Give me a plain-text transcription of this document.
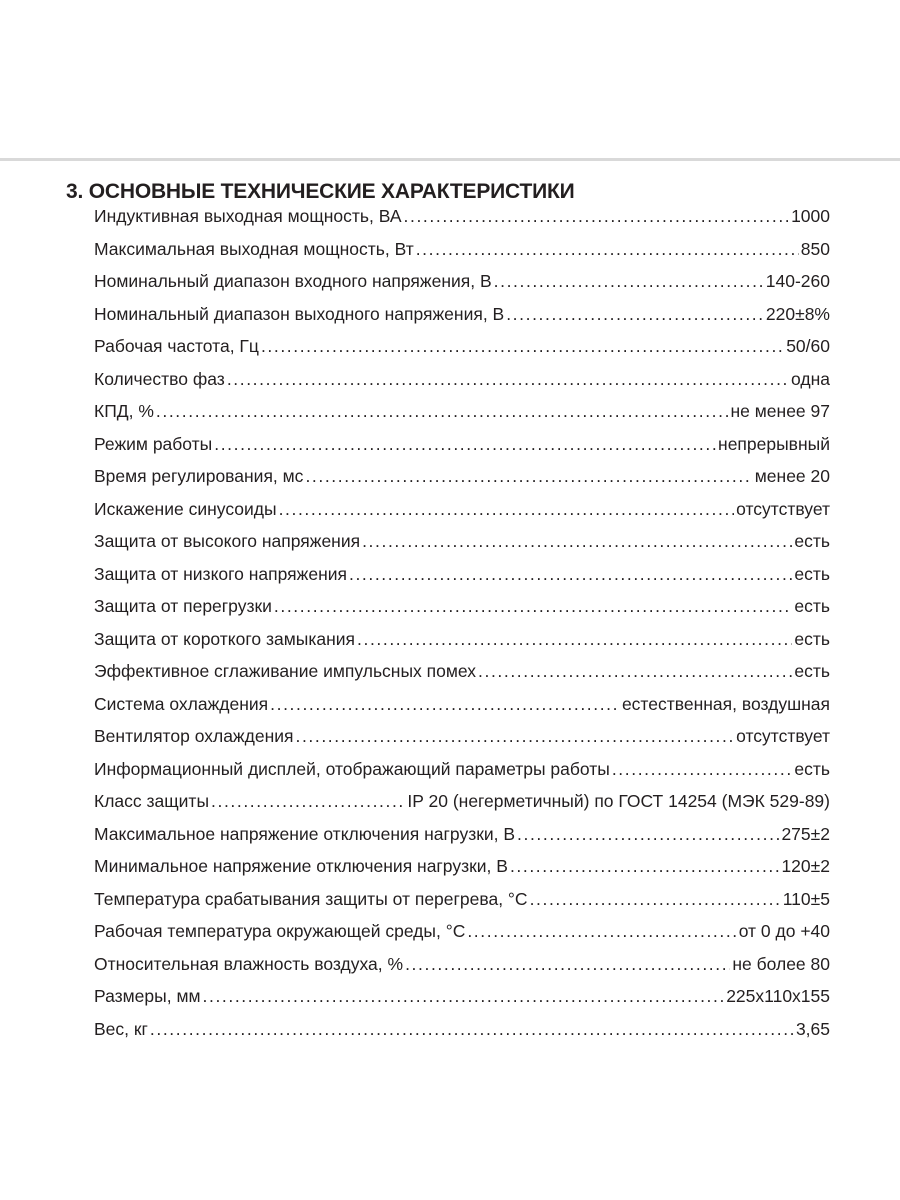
3. ОСНОВНЫЕ ТЕХНИЧЕСКИЕ ХАРАКТЕРИСТИКИ
Индуктивная выходная мощность, ВА .....	1000
Максимальная выходная мощность, Вт .....	850
Номинальный диапазон входного напряжения, В .....	140-260
Номинальный диапазон выходного напряжения, В .....	220±8%
Рабочая частота, Гц .....	50/60
Количество фаз .....	одна
КПД, % .....	не менее 97
Режим работы .....	непрерывный
Время регулирования, мс .....	менее 20
Искажение синусоиды .....	отсутствует
Защита от высокого напряжения .....	есть
Защита от низкого напряжения .....	есть
Защита от перегрузки .....	есть
Защита от короткого замыкания .....	есть
Эффективное сглаживание импульсных помех .....	есть
Система охлаждения .....	естественная, воздушная
Вентилятор охлаждения .....	отсутствует
Информационный дисплей, отображающий параметры работы .....	есть
Класс защиты .....	IP 20 (негерметичный) по ГОСТ 14254 (МЭК 529-89)
Максимальное напряжение отключения нагрузки, В .....	275±2
Минимальное напряжение отключения нагрузки, В .....	120±2
Температура срабатывания защиты от перегрева, °С .....	110±5
Рабочая температура окружающей среды, °С .....	от 0 до +40
Относительная влажность воздуха, % .....	не более 80
Размеры, мм .....	225х110х155
Вес, кг .....	3,65
